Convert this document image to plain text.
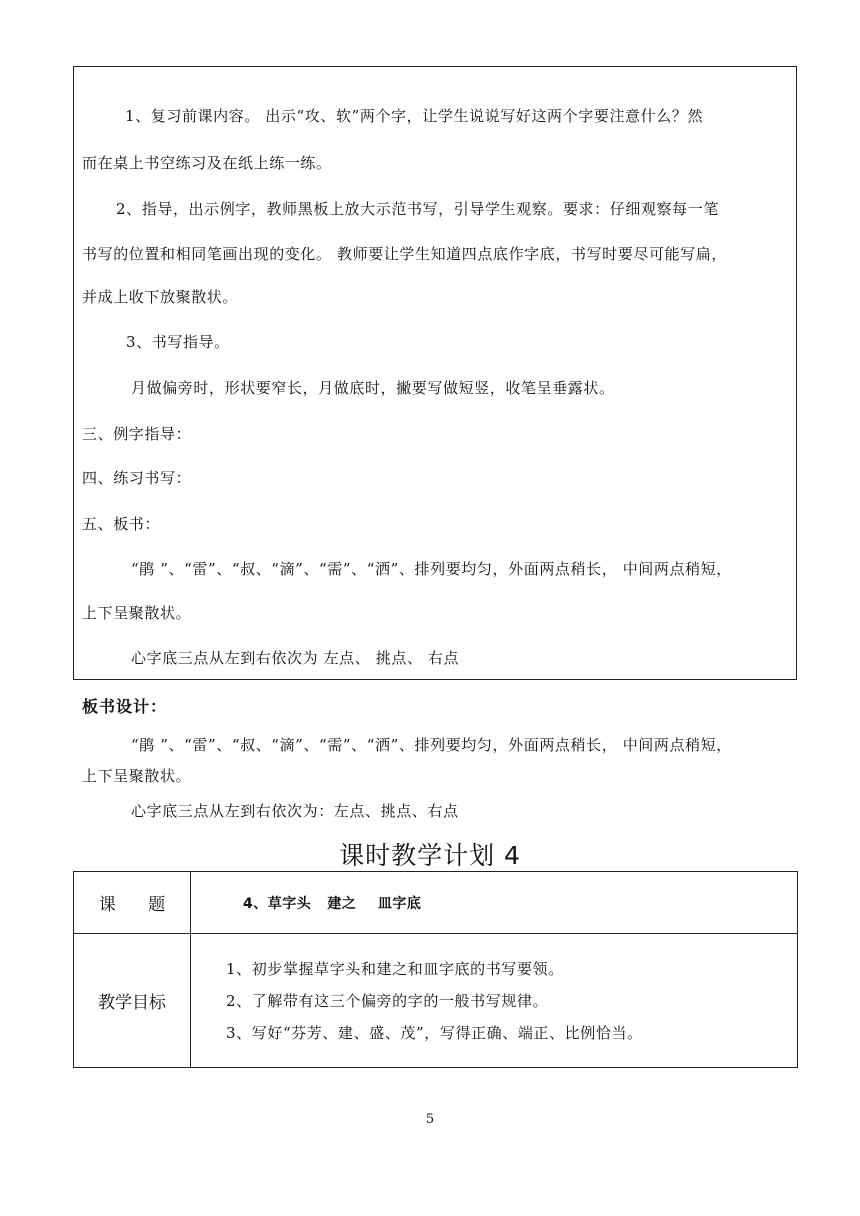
1、复习前课内容。 出示“攻、软”两个字，让学生说说写好这两个字要注意什么？然
而在桌上书空练习及在纸上练一练。
2、指导，出示例字，教师黑板上放大示范书写，引导学生观察。要求：仔细观察每一笔
书写的位置和相同笔画出现的变化。 教师要让学生知道四点底作字底，书写时要尽可能写扁，
并成上收下放聚散状。
3、书写指导。
月做偏旁时，形状要窄长，月做底时，撇要写做短竖，收笔呈垂露状。
三、例字指导：
四、练习书写：
五、板书：
“鹃 ”、“雷”、“叔、“滴”、“需”、“洒”、排列要均匀，外面两点稍长， 中间两点稍短，
上下呈聚散状。
心字底三点从左到右依次为 左点、 挑点、 右点
板书设计：
“鹃 ”、“雷”、“叔、“滴”、“需”、“洒”、排列要均匀，外面两点稍长， 中间两点稍短，
上下呈聚散状。
心字底三点从左到右依次为：左点、挑点、右点
课时教学计划 4
课      题	4、草字头   建之    皿字底
教学目标	1、初步掌握草字头和建之和皿字底的书写要领。
2、了解带有这三个偏旁的字的一般书写规律。
3、写好“芬芳、建、盛、茂”，写得正确、端正、比例恰当。
5
